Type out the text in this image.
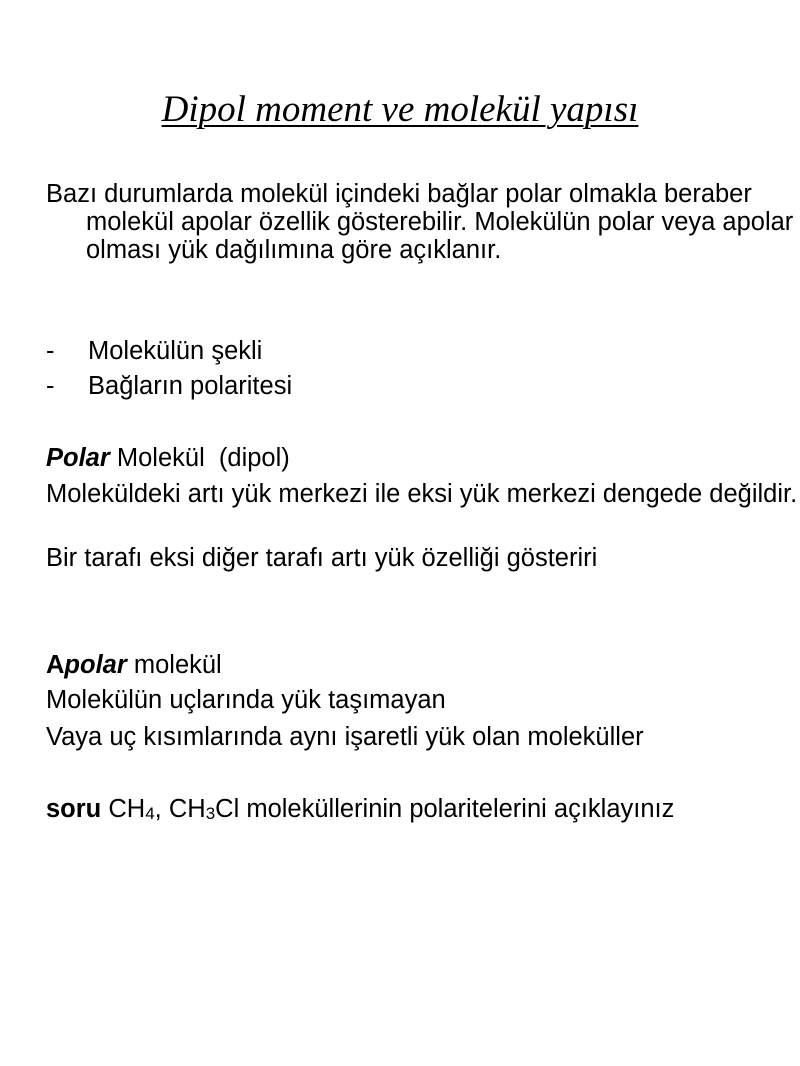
Dipol moment ve molekül yapısı

Bazı durumlarda molekül içindeki bağlar polar olmakla beraber molekül apolar özellik gösterebilir. Molekülün polar veya apolar olması yük dağılımına göre açıklanır.

- Molekülün şekli
- Bağların polaritesi

Polar Molekül  (dipol)

Moleküldeki artı yük merkezi ile eksi yük merkezi dengede değildir.

Bir tarafı eksi diğer tarafı artı yük özelliği gösteriri

Apolar molekül

Molekülün uçlarında yük taşımayan

Vaya uç kısımlarında aynı işaretli yük olan moleküller

soru $CH_4$, $CH_3Cl$ moleküllerinin polaritelerini açıklayınız
